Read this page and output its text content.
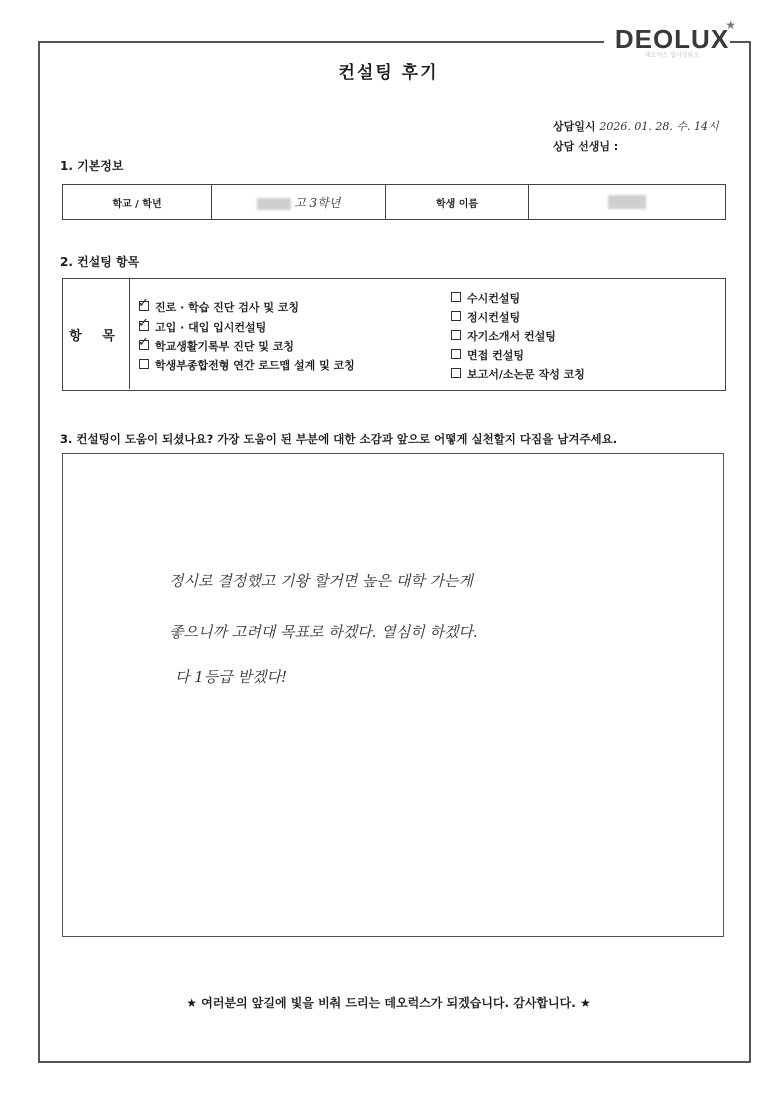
DEOLUX
★
데오럭스 입시상담소
컨설팅 후기
상담일시 2026. 01. 28. 수. 14시
상담 선생님 :
1. 기본정보
학교 / 학년	고 3학년	학생 이름	
2. 컨설팅 항목
항 목
✓ 진로 · 학습 진단 검사 및 코칭
✓ 고입 · 대입 입시컨설팅
✓ 학교생활기록부 진단 및 코칭
학생부종합전형 연간 로드맵 설계 및 코칭
수시컨설팅
정시컨설팅
자기소개서 컨설팅
면접 컨설팅
보고서/소논문 작성 코칭
3. 컨설팅이 도움이 되셨나요? 가장 도움이 된 부분에 대한 소감과 앞으로 어떻게 실천할지 다짐을 남겨주세요.
정시로 결정했고 기왕 할거면 높은 대학 가는게
좋으니까 고려대 목표로 하겠다. 열심히 하겠다.
다 1등급 받겠다!
★ 여러분의 앞길에 빛을 비춰 드리는 데오럭스가 되겠습니다. 감사합니다. ★
